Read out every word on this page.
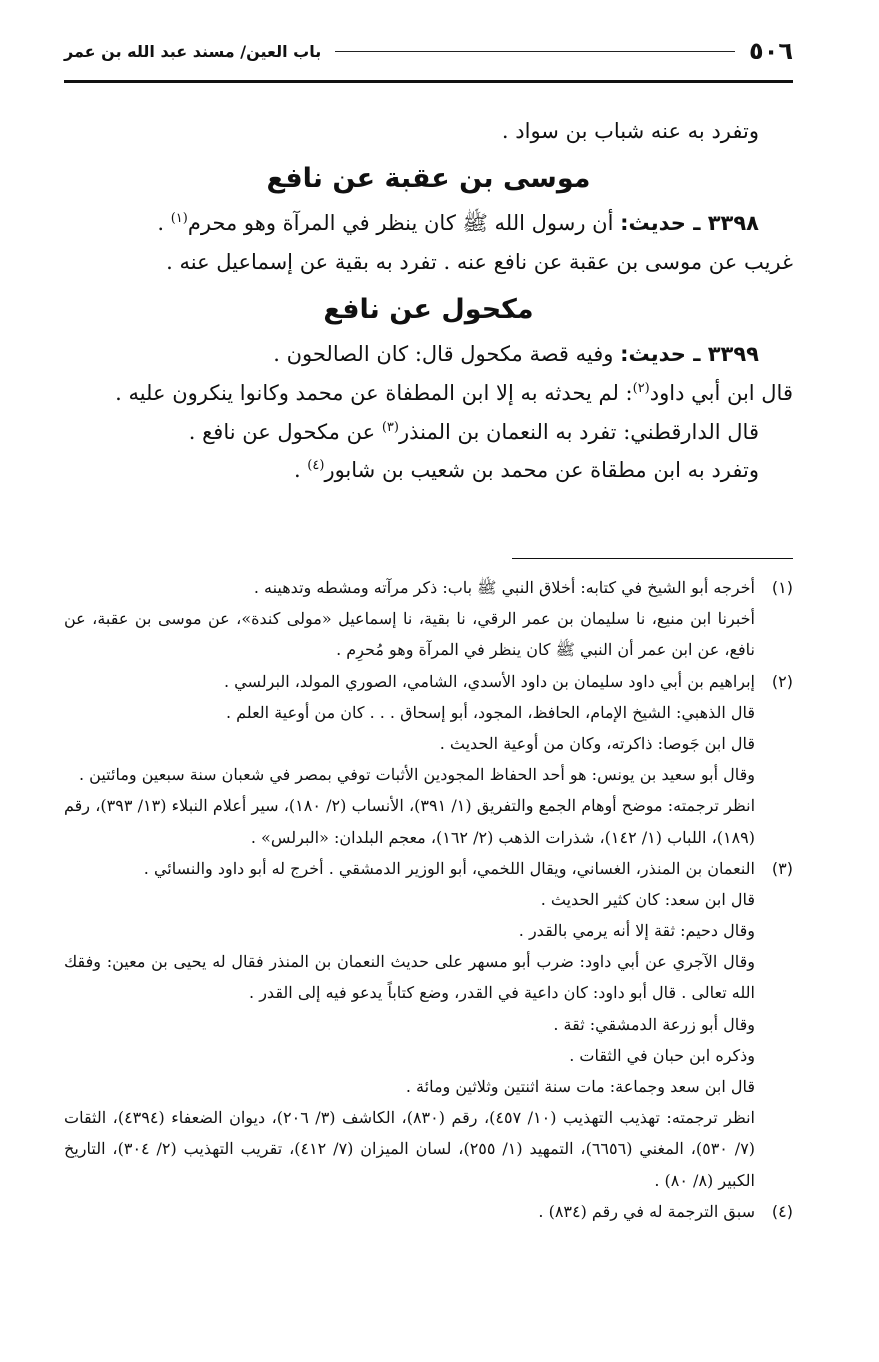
٥٠٦
باب العين/ مسند عبد الله بن عمر

وتفرد به عنه شباب بن سواد .

موسى بن عقبة عن نافع

٣٣٩٨ ـ حديث: أن رسول الله ﷺ كان ينظر في المرآة وهو محرم$^{(١)}$ .

غريب عن موسى بن عقبة عن نافع عنه . تفرد به بقية عن إسماعيل عنه .

مكحول عن نافع

٣٣٩٩ ـ حديث: وفيه قصة مكحول قال: كان الصالحون .

قال ابن أبي داود$^{(٢)}$: لم يحدثه به إلا ابن المطفاة عن محمد وكانوا ينكرون عليه .

قال الدارقطني: تفرد به النعمان بن المنذر$^{(٣)}$ عن مكحول عن نافع .

وتفرد به ابن مطقاة عن محمد بن شعيب بن شابور$^{(٤)}$ .

(١)

أخرجه أبو الشيخ في كتابه: أخلاق النبي ﷺ باب: ذكر مرآته ومشطه وتدهينه .

أخبرنا ابن منيع، نا سليمان بن عمر الرقي، نا بقية، نا إسماعيل «مولى كندة»، عن موسى بن عقبة، عن نافع، عن ابن عمر أن النبي ﷺ كان ينظر في المرآة وهو مُحرِم .

(٢)

إبراهيم بن أبي داود سليمان بن داود الأسدي، الشامي، الصوري المولد، البرلسي .

قال الذهبي: الشيخ الإمام، الحافظ، المجود، أبو إسحاق . . . كان من أوعية العلم .

قال ابن جَوصا: ذاكرته، وكان من أوعية الحديث .

وقال أبو سعيد بن يونس: هو أحد الحفاظ المجودين الأثبات توفي بمصر في شعبان سنة سبعين ومائتين .

انظر ترجمته: موضح أوهام الجمع والتفريق (١/ ٣٩١)، الأنساب (٢/ ١٨٠)، سير أعلام النبلاء (١٣/ ٣٩٣)، رقم (١٨٩)، اللباب (١/ ١٤٢)، شذرات الذهب (٢/ ١٦٢)، معجم البلدان: «البرلس» .

(٣)

النعمان بن المنذر، الغساني، ويقال اللخمي، أبو الوزير الدمشقي . أخرج له أبو داود والنسائي .

قال ابن سعد: كان كثير الحديث .

وقال دحيم: ثقة إلا أنه يرمي بالقدر .

وقال الآجري عن أبي داود: ضرب أبو مسهر على حديث النعمان بن المنذر فقال له يحيى بن معين: وفقك الله تعالى . قال أبو داود: كان داعية في القدر، وضع كتاباً يدعو فيه إلى القدر .

وقال أبو زرعة الدمشقي: ثقة .

وذكره ابن حبان في الثقات .

قال ابن سعد وجماعة: مات سنة اثنتين وثلاثين ومائة .

انظر ترجمته: تهذيب التهذيب (١٠/ ٤٥٧)، رقم (٨٣٠)، الكاشف (٣/ ٢٠٦)، ديوان الضعفاء (٤٣٩٤)، الثقات (٧/ ٥٣٠)، المغني (٦٦٥٦)، التمهيد (١/ ٢٥٥)، لسان الميزان (٧/ ٤١٢)، تقريب التهذيب (٢/ ٣٠٤)، التاريخ الكبير (٨/ ٨٠) .

(٤)

سبق الترجمة له في رقم (٨٣٤) .
